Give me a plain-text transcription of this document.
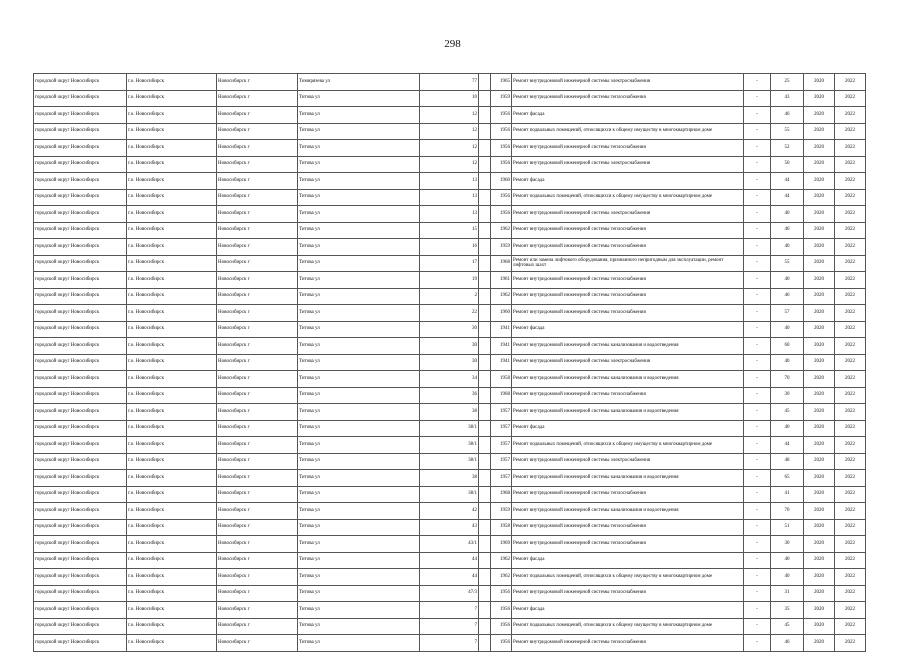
298
городской округ Новосибирск	г.о. Новосибирск	Новосибирск г	Тимирязева ул	77		1965	Ремонт внутридомовой инженерной системы электроснабжения	-	25	2020	2022
городской округ Новосибирск	г.о. Новосибирск	Новосибирск г	Титова ул	10		1959	Ремонт внутридомовой инженерной системы теплоснабжения	-	43	2020	2022
городской округ Новосибирск	г.о. Новосибирск	Новосибирск г	Титова ул	12		1956	Ремонт фасада	-	46	2020	2022
городской округ Новосибирск	г.о. Новосибирск	Новосибирск г	Титова ул	12		1956	Ремонт подвальных помещений, относящихся к общему имуществу в многоквартирном доме	-	55	2020	2022
городской округ Новосибирск	г.о. Новосибирск	Новосибирск г	Титова ул	12		1956	Ремонт внутридомовой инженерной системы теплоснабжения	-	52	2020	2022
городской округ Новосибирск	г.о. Новосибирск	Новосибирск г	Титова ул	12		1956	Ремонт внутридомовой инженерной системы электроснабжения	-	50	2020	2022
городской округ Новосибирск	г.о. Новосибирск	Новосибирск г	Титова ул	13		1960	Ремонт фасада	-	44	2020	2022
городской округ Новосибирск	г.о. Новосибирск	Новосибирск г	Титова ул	13		1956	Ремонт подвальных помещений, относящихся к общему имуществу в многоквартирном доме	-	44	2020	2022
городской округ Новосибирск	г.о. Новосибирск	Новосибирск г	Титова ул	13		1956	Ремонт внутридомовой инженерной системы электроснабжения	-	40	2020	2022
городской округ Новосибирск	г.о. Новосибирск	Новосибирск г	Титова ул	15		1962	Ремонт внутридомовой инженерной системы теплоснабжения	-	46	2020	2022
городской округ Новосибирск	г.о. Новосибирск	Новосибирск г	Титова ул	16		1959	Ремонт внутридомовой инженерной системы теплоснабжения	-	40	2020	2022
городской округ Новосибирск	г.о. Новосибирск	Новосибирск г	Титова ул	17		1968	Ремонт или замена лифтового оборудования, признанного непригодным для эксплуатации, ремонт лифтовых шахт	-	55	2020	2022
городской округ Новосибирск	г.о. Новосибирск	Новосибирск г	Титова ул	19		1961	Ремонт внутридомовой инженерной системы теплоснабжения	-	40	2020	2022
городской округ Новосибирск	г.о. Новосибирск	Новосибирск г	Титова ул	2		1962	Ремонт внутридомовой инженерной системы теплоснабжения	-	46	2020	2022
городской округ Новосибирск	г.о. Новосибирск	Новосибирск г	Титова ул	22		1960	Ремонт внутридомовой инженерной системы теплоснабжения	-	57	2020	2022
городской округ Новосибирск	г.о. Новосибирск	Новосибирск г	Титова ул	30		1941	Ремонт фасада	-	40	2020	2022
городской округ Новосибирск	г.о. Новосибирск	Новосибирск г	Титова ул	30		1941	Ремонт внутридомовой инженерной системы канализования и водоотведения	-	60	2020	2022
городской округ Новосибирск	г.о. Новосибирск	Новосибирск г	Титова ул	30		1941	Ремонт внутридомовой инженерной системы электроснабжения	-	40	2020	2022
городской округ Новосибирск	г.о. Новосибирск	Новосибирск г	Титова ул	34		1958	Ремонт внутридомовой инженерной системы канализования и водоотведения	-	70	2020	2022
городской округ Новосибирск	г.о. Новосибирск	Новосибирск г	Титова ул	36		1968	Ремонт внутридомовой инженерной системы теплоснабжения	-	30	2020	2022
городской округ Новосибирск	г.о. Новосибирск	Новосибирск г	Титова ул	38		1957	Ремонт внутридомовой инженерной системы канализования и водоотведения	-	45	2020	2022
городской округ Новосибирск	г.о. Новосибирск	Новосибирск г	Титова ул	38/1		1957	Ремонт фасада	-	40	2020	2022
городской округ Новосибирск	г.о. Новосибирск	Новосибирск г	Титова ул	38/1		1957	Ремонт подвальных помещений, относящихся к общему имуществу в многоквартирном доме	-	44	2020	2022
городской округ Новосибирск	г.о. Новосибирск	Новосибирск г	Титова ул	38/1		1957	Ремонт внутридомовой инженерной системы электроснабжения	-	48	2020	2022
городской округ Новосибирск	г.о. Новосибирск	Новосибирск г	Титова ул	38		1957	Ремонт внутридомовой инженерной системы канализования и водоотведения	-	65	2020	2022
городской округ Новосибирск	г.о. Новосибирск	Новосибирск г	Титова ул	38/1		1968	Ремонт внутридомовой инженерной системы теплоснабжения	-	41	2020	2022
городской округ Новосибирск	г.о. Новосибирск	Новосибирск г	Титова ул	42		1959	Ремонт внутридомовой инженерной системы канализования и водоотведения	-	70	2020	2022
городской округ Новосибирск	г.о. Новосибирск	Новосибирск г	Титова ул	43		1958	Ремонт внутридомовой инженерной системы теплоснабжения	-	51	2020	2022
городской округ Новосибирск	г.о. Новосибирск	Новосибирск г	Титова ул	43/1		1969	Ремонт внутридомовой инженерной системы теплоснабжения	-	30	2020	2022
городской округ Новосибирск	г.о. Новосибирск	Новосибирск г	Титова ул	44		1962	Ремонт фасада	-	40	2020	2022
городской округ Новосибирск	г.о. Новосибирск	Новосибирск г	Титова ул	44		1962	Ремонт подвальных помещений, относящихся к общему имуществу в многоквартирном доме	-	40	2020	2022
городской округ Новосибирск	г.о. Новосибирск	Новосибирск г	Титова ул	47/3		1956	Ремонт внутридомовой инженерной системы теплоснабжения	-	31	2020	2022
городской округ Новосибирск	г.о. Новосибирск	Новосибирск г	Титова ул	7		1956	Ремонт фасада	-	35	2020	2022
городской округ Новосибирск	г.о. Новосибирск	Новосибирск г	Титова ул	7		1956	Ремонт подвальных помещений, относящихся к общему имуществу в многоквартирном доме	-	45	2020	2022
городской округ Новосибирск	г.о. Новосибирск	Новосибирск г	Титова ул	7		1956	Ремонт внутридомовой инженерной системы теплоснабжения	-	46	2020	2022
